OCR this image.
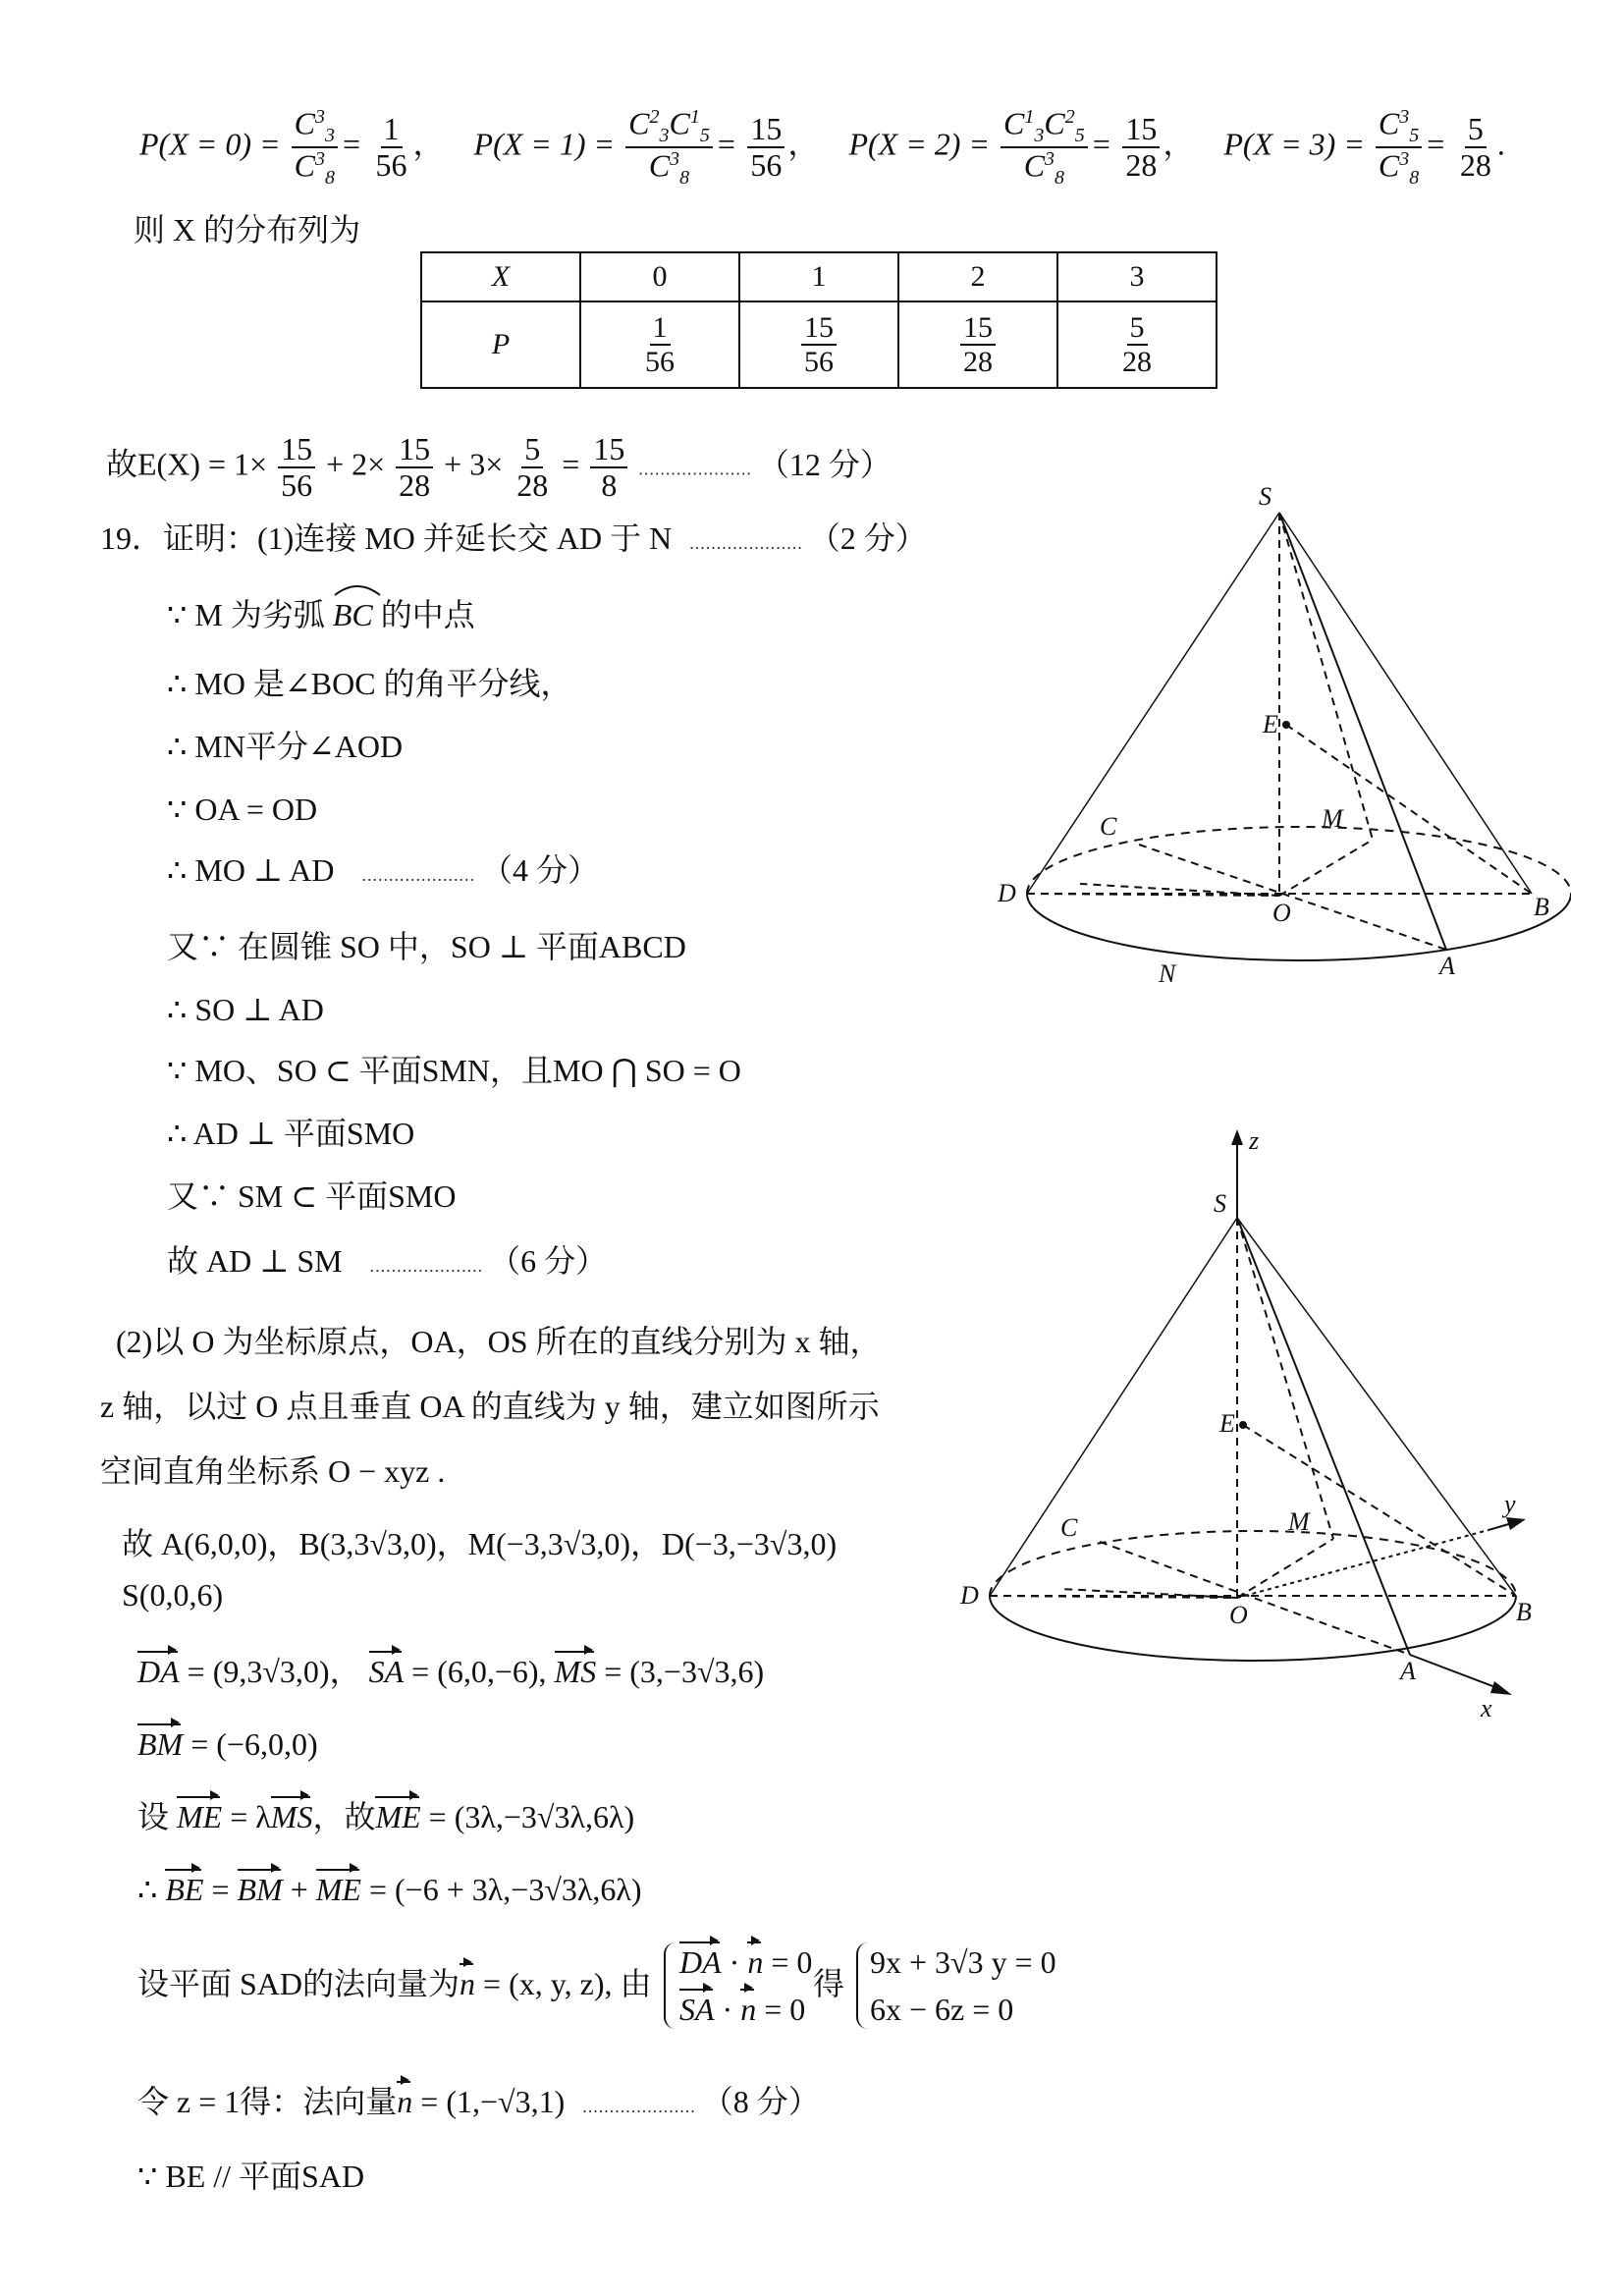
$P(X = 0) = \frac{C^3_3}{C^3_8} = \frac{1}{56}$ ， $P(X = 1) = \frac{C^2_3C^1_5}{C^3_8} = \frac{15}{56}$ ， $P(X = 2) = \frac{C^1_3C^2_5}{C^3_8} = \frac{15}{28}$ ， $P(X = 3) = \frac{C^3_5}{C^3_8} = \frac{5}{28}$ .
则 X 的分布列为
X	0	1	2	3
P	$\frac{1}{56}$	$\frac{15}{56}$	$\frac{15}{28}$	$\frac{5}{28}$
故$E(X) = 1\times \frac{15}{56} + 2\times \frac{15}{28} + 3\times \frac{5}{28} = \frac{15}{8}$ ..................... （12 分）
19．证明：(1)连接 MO 并延长交 AD 于 N ..................... （2 分）
∵ M 为劣弧
BC 的中点
∴ MO 是∠BOC 的角平分线，
∴ MN平分∠AOD
∵ OA = OD
∴ MO ⊥ AD ..................... （4 分）
又∵ 在圆锥 SO 中，SO ⊥ 平面ABCD
∴ SO ⊥ AD
∵ MO、SO ⊂ 平面SMN，且MO ⋂ SO = O
∴ AD ⊥ 平面SMO
又∵ SM ⊂ 平面SMO
故 AD ⊥ SM ..................... （6 分）
(2)以 O 为坐标原点，OA，OS 所在的直线分别为 x 轴，
z 轴，以过 O 点且垂直 OA 的直线为 y 轴，建立如图所示
空间直角坐标系 O − xyz .
故 A(6,0,0)，B(3,3√3,0)，M(−3,3√3,0)，D(−3,−3√3,0)
S(0,0,6)
DA = (9,3√3,0)， SA = (6,0,−6), MS = (3,−3√3,6)
BM = (−6,0,0)
设 ME = λMS，故ME = (3λ,−3√3λ,6λ)
∴ BE = BM + ME = (−6 + 3λ,−3√3λ,6λ)
设平面 SAD的法向量为n = (x, y, z), 由
DA · n = 0
SA · n = 0
得
9x + 3√3 y = 0
6x − 6z = 0
令 z = 1得：法向量n = (1,−√3,1) ..................... （8 分）
∵ BE // 平面SAD
S
E
M
C
D
O	B
A
N
z
S
E
M
C
y
D
O	B
A
x
